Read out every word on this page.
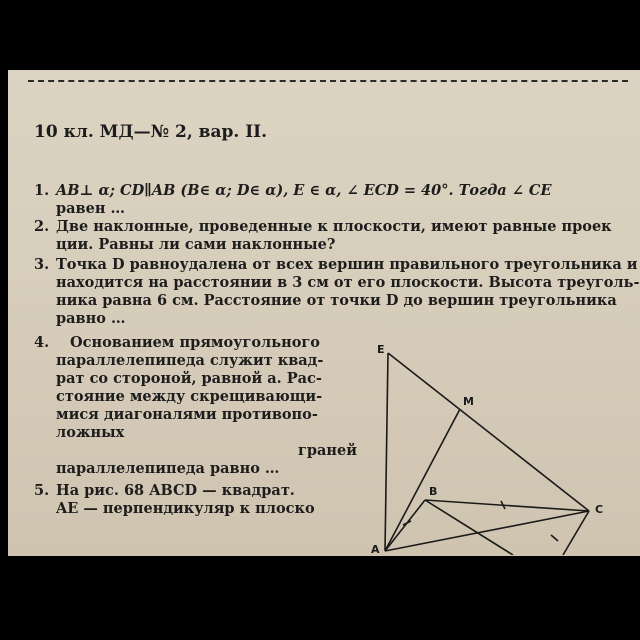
10 кл. МД—№ 2, вар. II.
1. AB⊥ α; CD∥AB (B∈ α; D∈ α), E ∈ α, ∠ ECD = 40°. Тогда ∠ CE
равен …
2. Две наклонные, проведенные к плоскости, имеют равные проек
ции. Равны ли сами наклонные?
3. Точка D равноудалена от всех вершин правильного треугольника и
находится на расстоянии в 3 см от его плоскости. Высота треуголь-
ника равна 6 см. Расстояние от точки D до вершин треугольника
равно …
4. Основанием прямоугольного
параллелепипеда служит квад-
рат со стороной, равной a. Рас-
стояние между скрещивающи-
мися диагоналями противопо-
ложных
граней
параллелепипеда равно …
5. На рис. 68 ABCD — квадрат.
AE — перпендикуляр к плоско
E
M
B
C
A
